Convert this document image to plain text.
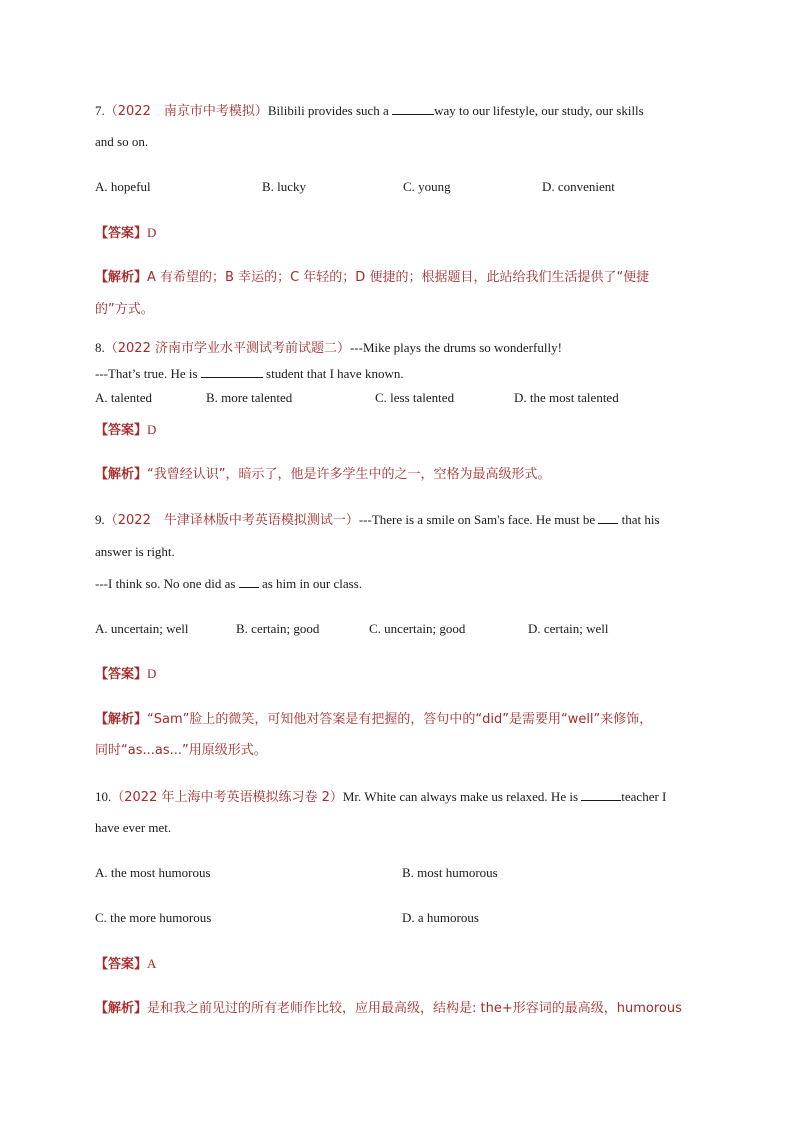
7.（2022　南京市中考模拟）Bilibili provides such a	way to our lifestyle, our study, our skills
and so on.
A. hopeful	B. lucky	C. young	D. convenient
【答案】D
【解析】A 有希望的；B 幸运的；C 年轻的；D 便捷的；根据题目，此站给我们生活提供了“便捷
的”方式。
8.（2022 济南市学业水平测试考前试题二）---Mike plays the drums so wonderfully!
---That’s true. He is	student that I have known.
A. talented	B. more talented	C. less talented	D. the most talented
【答案】D
【解析】“我曾经认识”，暗示了，他是许多学生中的之一，空格为最高级形式。
9.（2022　牛津译林版中考英语模拟测试一）---There is a smile on Sam's face. He must be  that his
answer is right.
---I think so. No one did as  as him in our class.
A. uncertain; well	B. certain; good	C. uncertain; good	D. certain; well
【答案】D
【解析】“Sam”脸上的微笑，可知他对答案是有把握的，答句中的“did”是需要用“well”来修饰，
同时“as...as...”用原级形式。
10.（2022 年上海中考英语模拟练习卷 2）Mr. White can always make us relaxed. He is	teacher I
have ever met.
A. the most humorous	B. most humorous
C. the more humorous	D. a humorous
【答案】A
【解析】是和我之前见过的所有老师作比较，应用最高级，结构是: the+形容词的最高级，humorous
